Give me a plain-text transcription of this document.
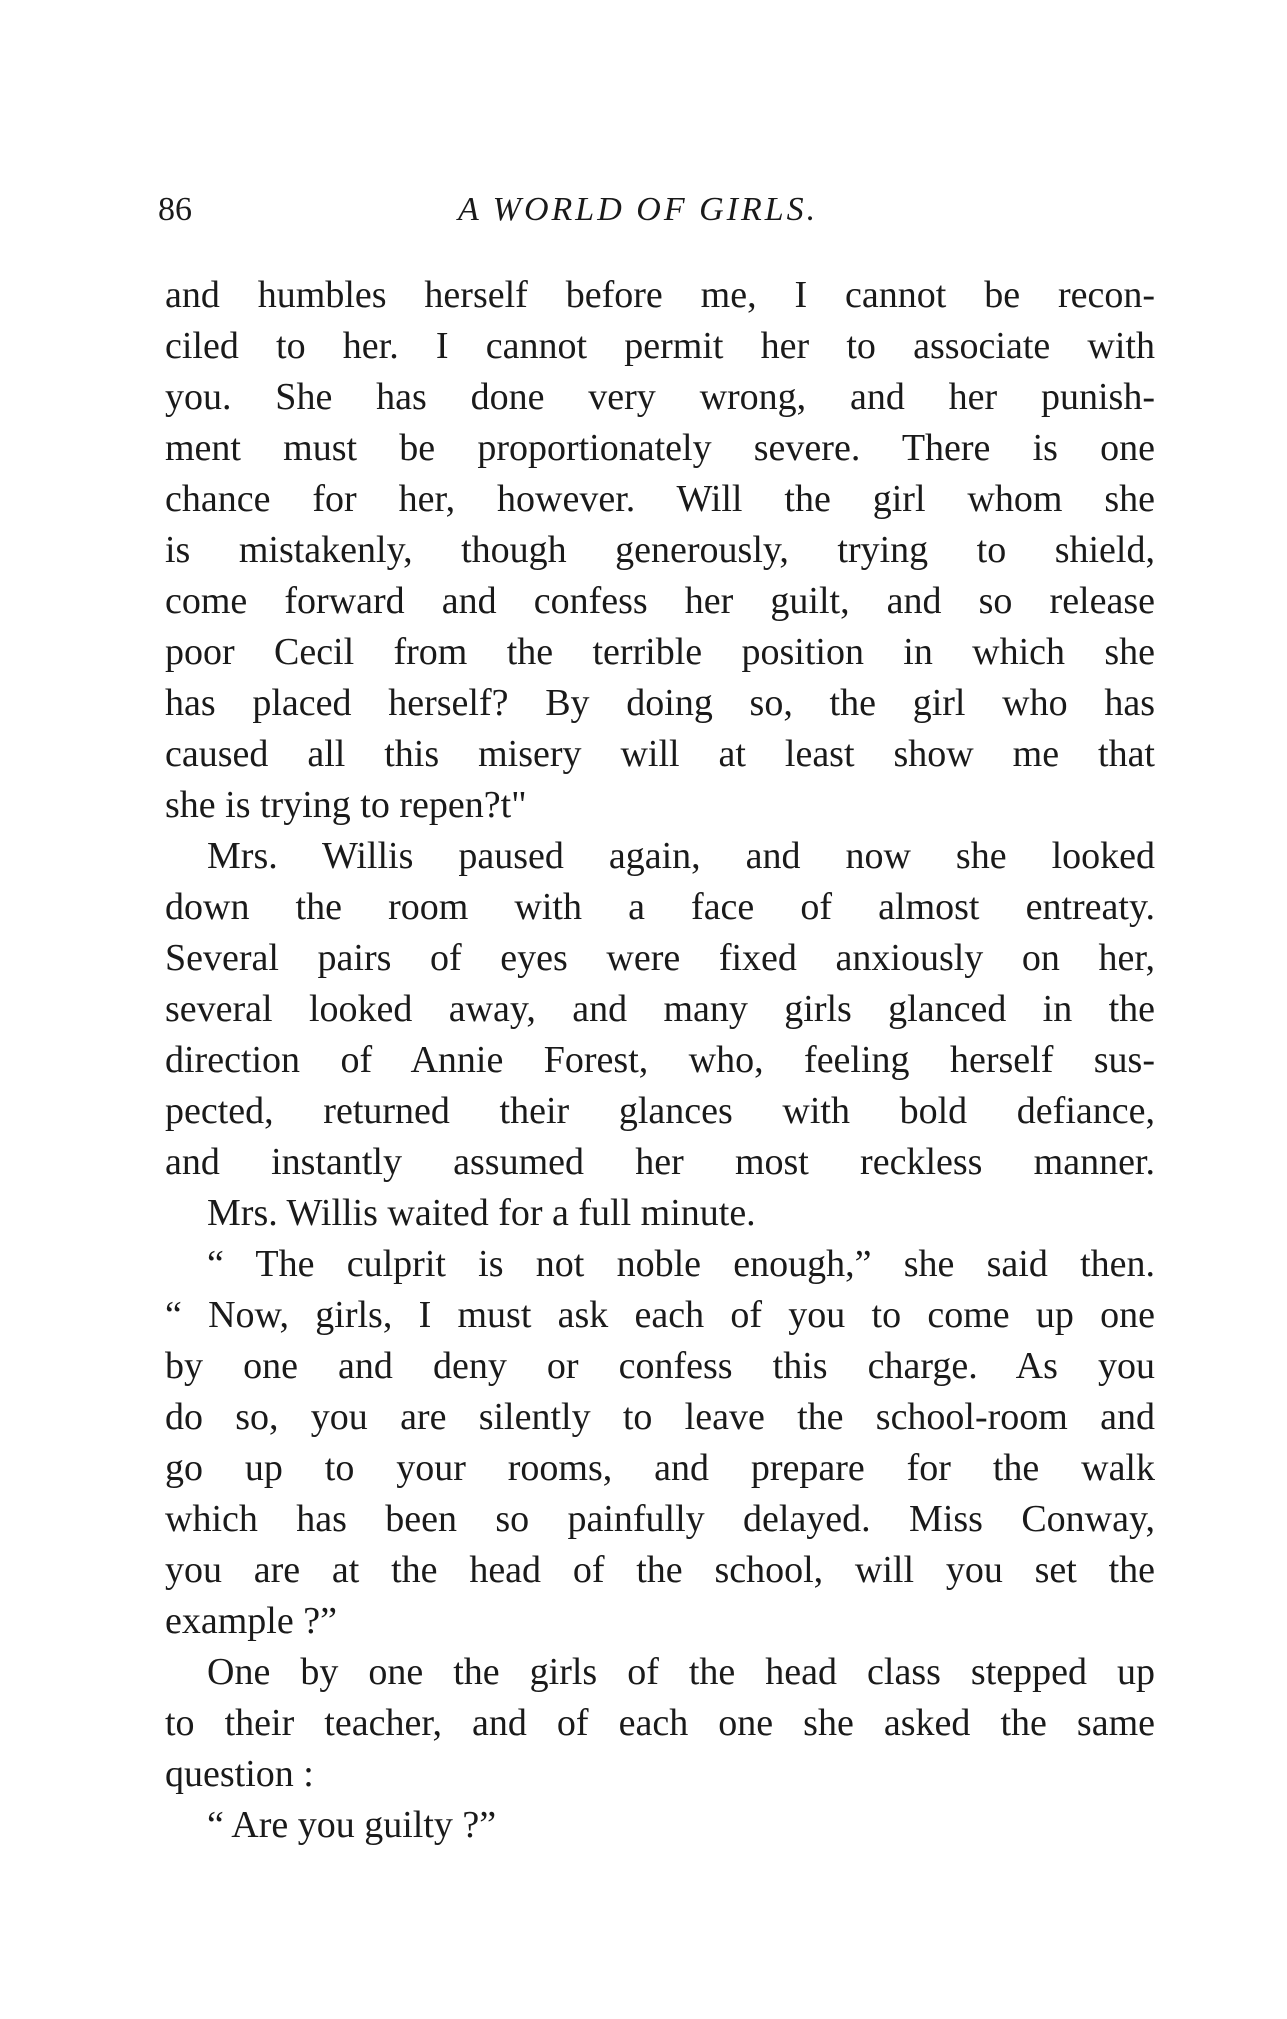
86	A WORLD OF GIRLS.
and humbles herself before me, I cannot be recon-
ciled to her. I cannot permit her to associate with
you. She has done very wrong, and her punish-
ment must be proportionately severe. There is one
chance for her, however. Will the girl whom she
is mistakenly, though generously, trying to shield,
come forward and confess her guilt, and so release
poor Cecil from the terrible position in which she
has placed herself? By doing so, the girl who has
caused all this misery will at least show me that
she is trying to repen?t"
Mrs. Willis paused again, and now she looked
down the room with a face of almost entreaty.
Several pairs of eyes were fixed anxiously on her,
several looked away, and many girls glanced in the
direction of Annie Forest, who, feeling herself sus-
pected, returned their glances with bold defiance,
and instantly assumed her most reckless manner.
Mrs. Willis waited for a full minute.
“ The culprit is not noble enough,” she said then.
“ Now, girls, I must ask each of you to come up one
by one and deny or confess this charge. As you
do so, you are silently to leave the school-room and
go up to your rooms, and prepare for the walk
which has been so painfully delayed. Miss Conway,
you are at the head of the school, will you set the
example ?”
One by one the girls of the head class stepped up
to their teacher, and of each one she asked the same
question :
“ Are you guilty ?”
